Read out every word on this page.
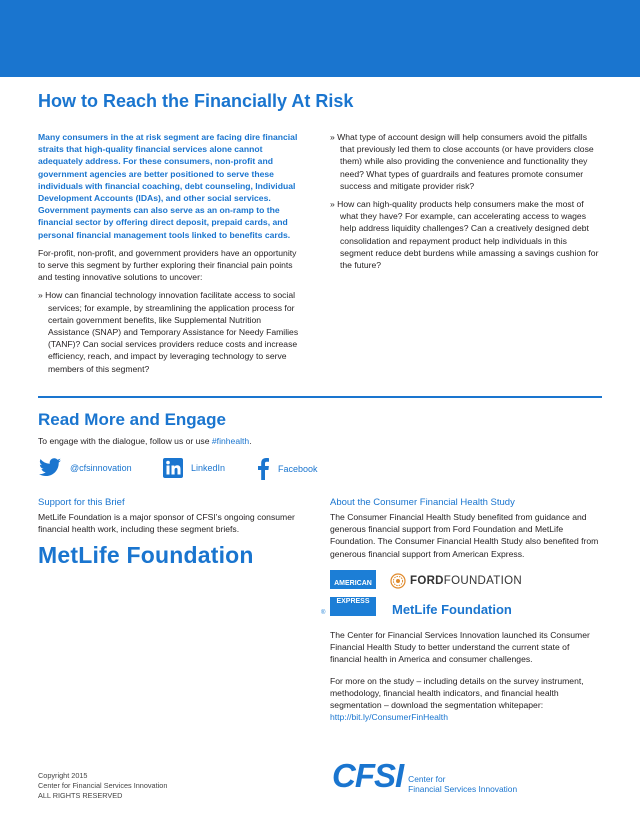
How to Reach the Financially At Risk

Many consumers in the at risk segment are facing dire financial straits that high-quality financial services alone cannot adequately address. For these consumers, non-profit and government agencies are better positioned to serve these individuals with financial coaching, debt counseling, Individual Development Accounts (IDAs), and other social services. Government payments can also serve as an on-ramp to the financial sector by offering direct deposit, prepaid cards, and personal financial management tools linked to benefits cards.

For-profit, non-profit, and government providers have an opportunity to serve this segment by further exploring their financial pain points and testing innovative solutions to uncover:

» How can financial technology innovation facilitate access to social services; for example, by streamlining the application process for certain government benefits, like Supplemental Nutrition Assistance (SNAP) and Temporary Assistance for Needy Families (TANF)? Can social services providers reduce costs and increase efficiency, reach, and impact by leveraging technology to serve members of this segment?

» What type of account design will help consumers avoid the pitfalls that previously led them to close accounts (or have providers close them) while also providing the convenience and functionality they need? What types of guardrails and features promote consumer success and mitigate provider risk?

» How can high-quality products help consumers make the most of what they have? For example, can accelerating access to wages help address liquidity challenges? Can a creatively designed debt consolidation and repayment product help individuals in this segment reduce debt burdens while amassing a savings cushion for the future?

Read More and Engage
To engage with the dialogue, follow us or use #finhealth.
@cfsinnovation	LinkedIn	Facebook
Support for this Brief

MetLife Foundation is a major sponsor of CFSI’s ongoing consumer financial health work, including these segment briefs.

MetLife Foundation
About the Consumer Financial Health Study

The Consumer Financial Health Study benefited from guidance and generous financial support from Ford Foundation and MetLife Foundation. The Consumer Financial Health Study also benefited from generous financial support from American Express.

AMERICAN

EXPRESS
®
FORD FOUNDATION
MetLife Foundation

The Center for Financial Services Innovation launched its Consumer Financial Health Study to better understand the current state of financial health in America and consumer challenges.

For more on the study – including details on the survey instrument, methodology, financial health indicators, and financial health segmentation – download the segmentation whitepaper:

http://bit.ly/ConsumerFinHealth
Copyright 2015
Center for Financial Services Innovation
ALL RIGHTS RESERVED
CFSI Center for
Financial Services Innovation
